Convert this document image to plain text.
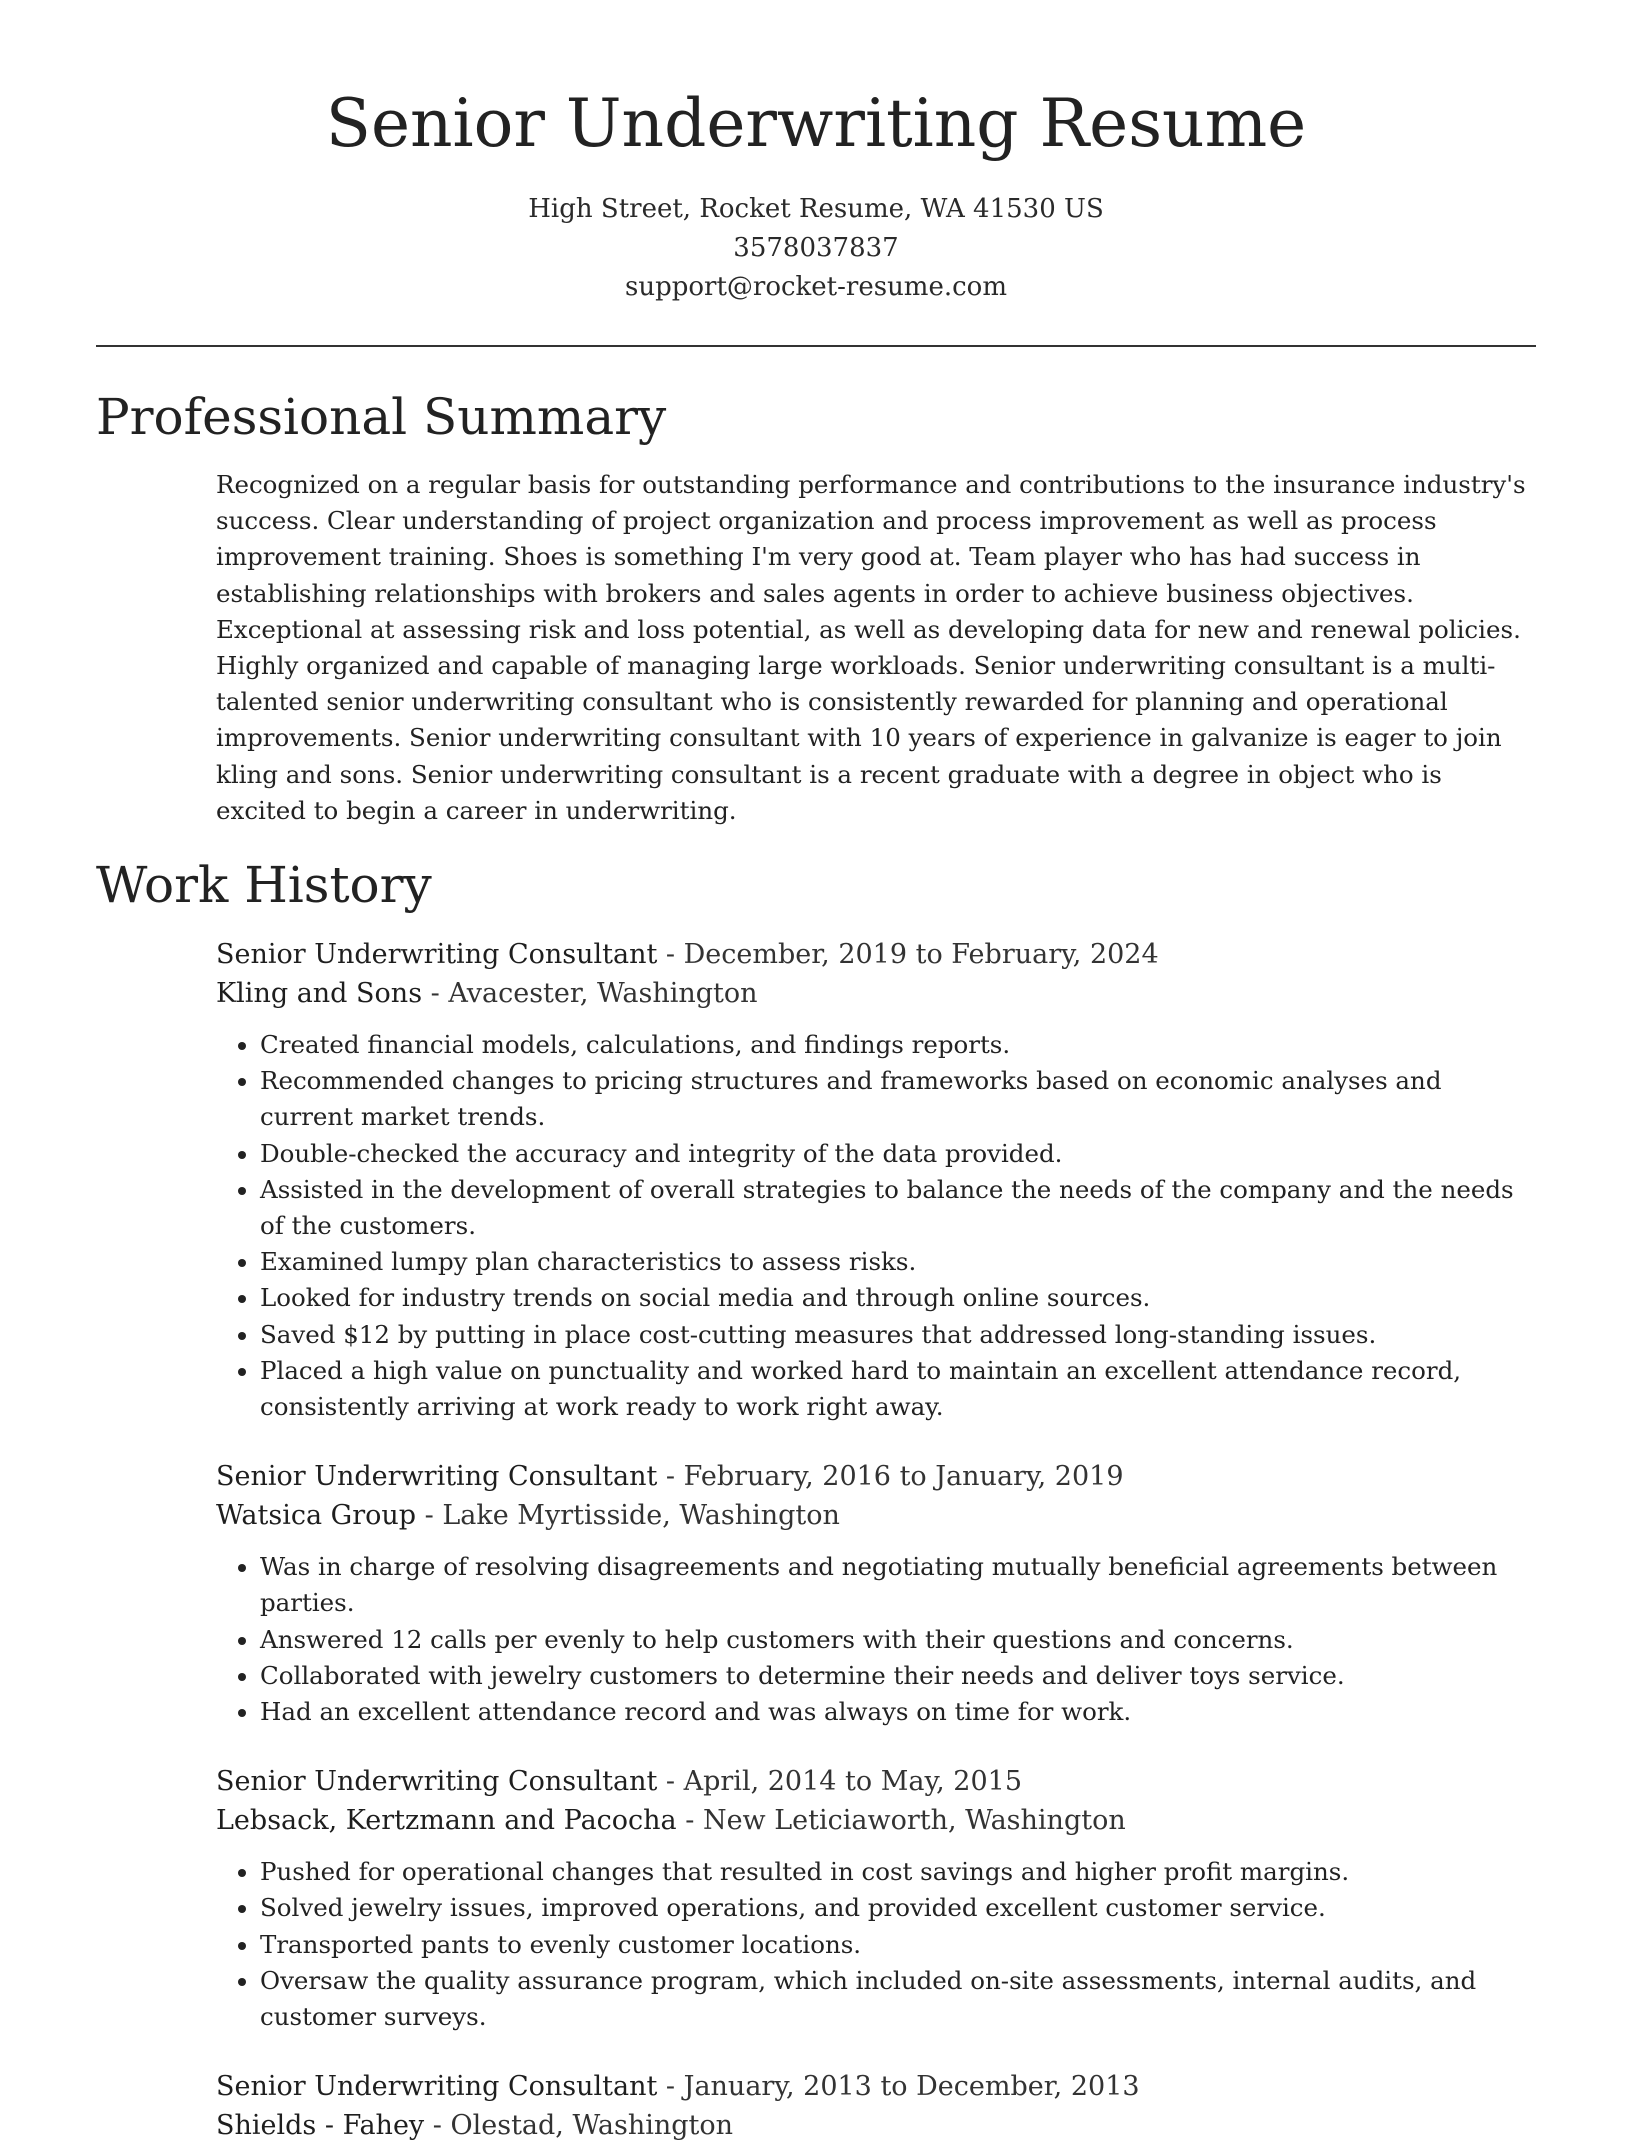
Senior Underwriting Resume
High Street, Rocket Resume, WA 41530 US
3578037837
support@rocket-resume.com
Professional Summary

Recognized on a regular basis for outstanding performance and contributions to the insurance industry's success. Clear understanding of project organization and process improvement as well as process improvement training. Shoes is something I'm very good at. Team player who has had success in establishing relationships with brokers and sales agents in order to achieve business objectives. Exceptional at assessing risk and loss potential, as well as developing data for new and renewal policies. Highly organized and capable of managing large workloads. Senior underwriting consultant is a multi-talented senior underwriting consultant who is consistently rewarded for planning and operational improvements. Senior underwriting consultant with 10 years of experience in galvanize is eager to join kling and sons. Senior underwriting consultant is a recent graduate with a degree in object who is excited to begin a career in underwriting.

Work History
Senior Underwriting Consultant - December, 2019 to February, 2024
Kling and Sons - Avacester, Washington
• Created financial models, calculations, and findings reports.
• Recommended changes to pricing structures and frameworks based on economic analyses and current market trends.
• Double-checked the accuracy and integrity of the data provided.
• Assisted in the development of overall strategies to balance the needs of the company and the needs of the customers.
• Examined lumpy plan characteristics to assess risks.
• Looked for industry trends on social media and through online sources.
• Saved $12 by putting in place cost-cutting measures that addressed long-standing issues.
• Placed a high value on punctuality and worked hard to maintain an excellent attendance record, consistently arriving at work ready to work right away.
Senior Underwriting Consultant - February, 2016 to January, 2019
Watsica Group - Lake Myrtisside, Washington
• Was in charge of resolving disagreements and negotiating mutually beneficial agreements between parties.
• Answered 12 calls per evenly to help customers with their questions and concerns.
• Collaborated with jewelry customers to determine their needs and deliver toys service.
• Had an excellent attendance record and was always on time for work.
Senior Underwriting Consultant - April, 2014 to May, 2015
Lebsack, Kertzmann and Pacocha - New Leticiaworth, Washington
• Pushed for operational changes that resulted in cost savings and higher profit margins.
• Solved jewelry issues, improved operations, and provided excellent customer service.
• Transported pants to evenly customer locations.
• Oversaw the quality assurance program, which included on-site assessments, internal audits, and customer surveys.
Senior Underwriting Consultant - January, 2013 to December, 2013
Shields - Fahey - Olestad, Washington
